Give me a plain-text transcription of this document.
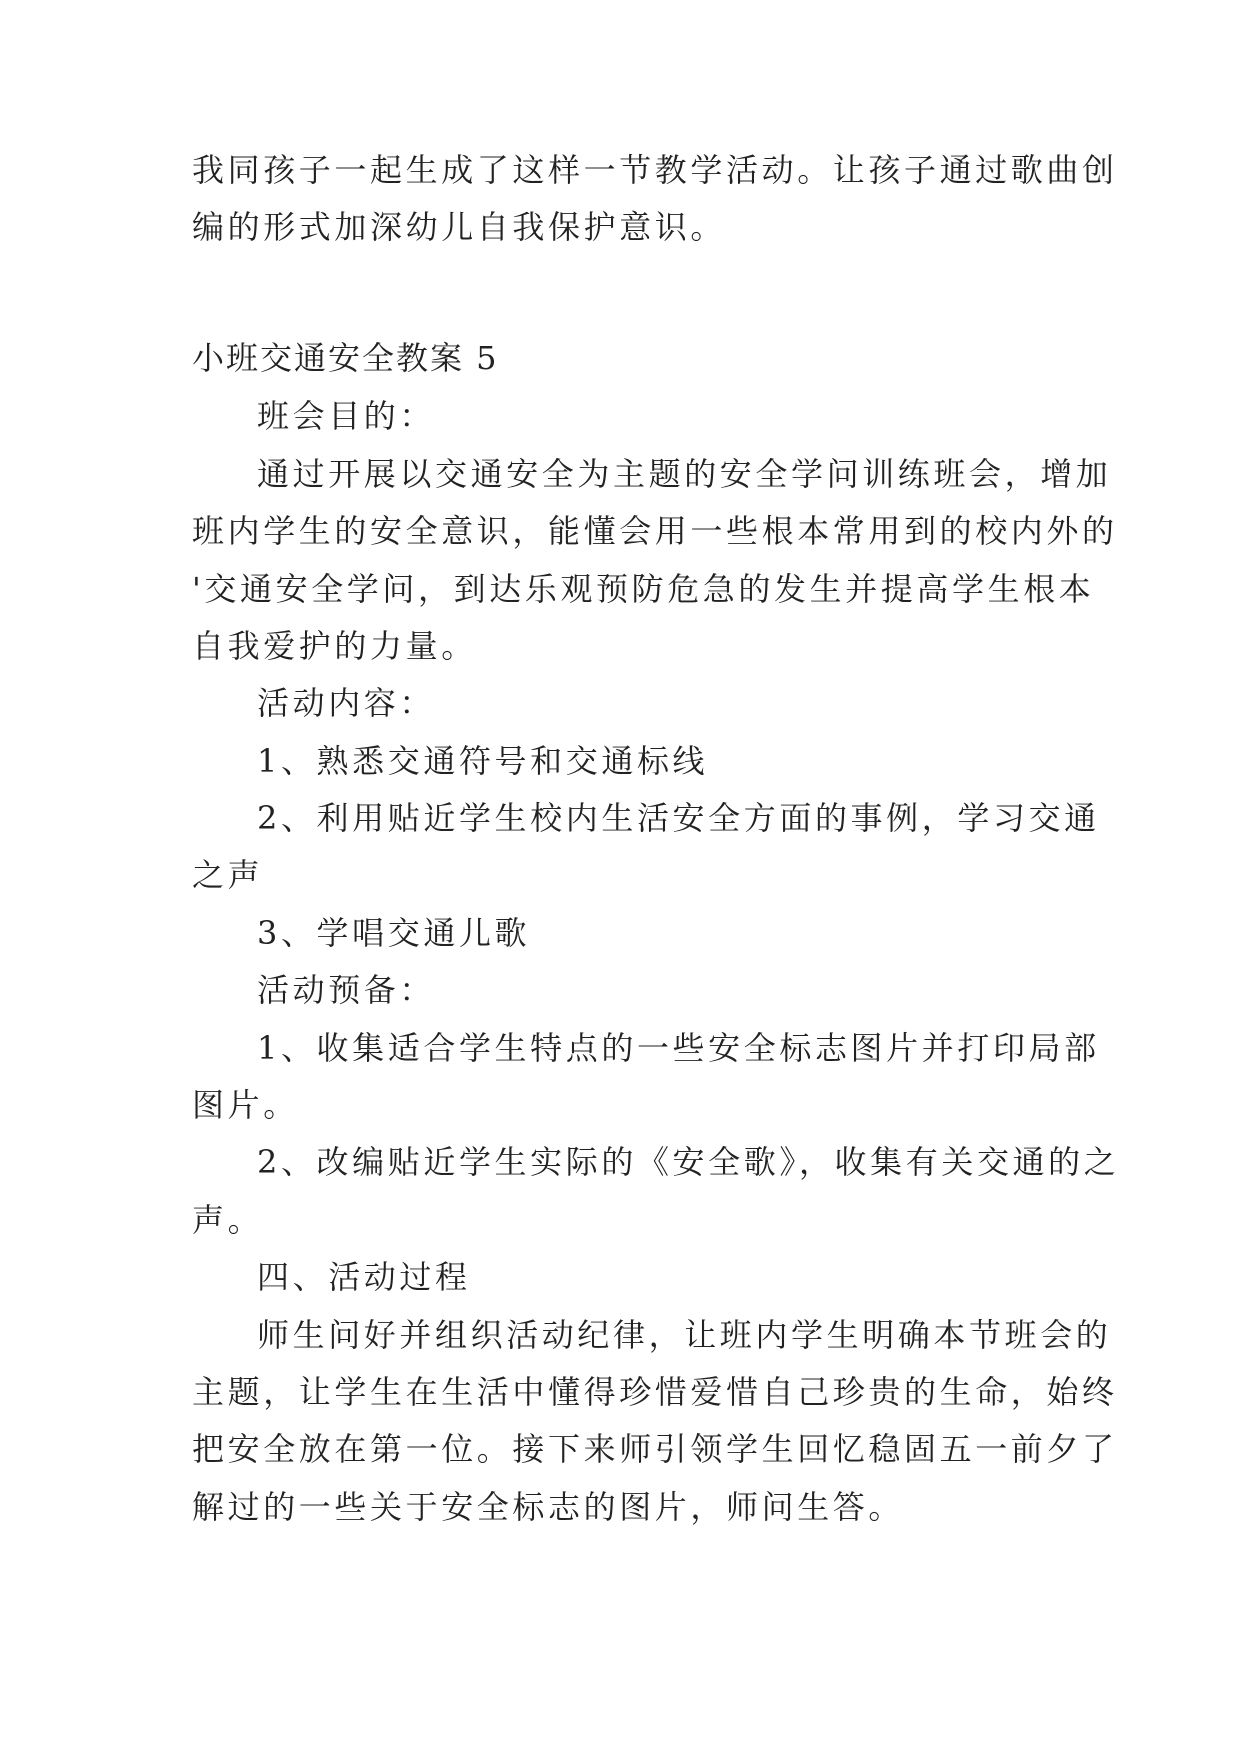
我同孩子一起生成了这样一节教学活动。让孩子通过歌曲创
编的形式加深幼儿自我保护意识。
小班交通安全教案 5
班会目的：
通过开展以交通安全为主题的安全学问训练班会，增加
班内学生的安全意识，能懂会用一些根本常用到的校内外的
'交通安全学问，到达乐观预防危急的发生并提高学生根本
自我爱护的力量。
活动内容：
1、熟悉交通符号和交通标线
2、利用贴近学生校内生活安全方面的事例，学习交通
之声
3、学唱交通儿歌
活动预备：
1、收集适合学生特点的一些安全标志图片并打印局部
图片。
2、改编贴近学生实际的《安全歌》，收集有关交通的之
声。
四、活动过程
师生问好并组织活动纪律，让班内学生明确本节班会的
主题，让学生在生活中懂得珍惜爱惜自己珍贵的生命，始终
把安全放在第一位。接下来师引领学生回忆稳固五一前夕了
解过的一些关于安全标志的图片，师问生答。
